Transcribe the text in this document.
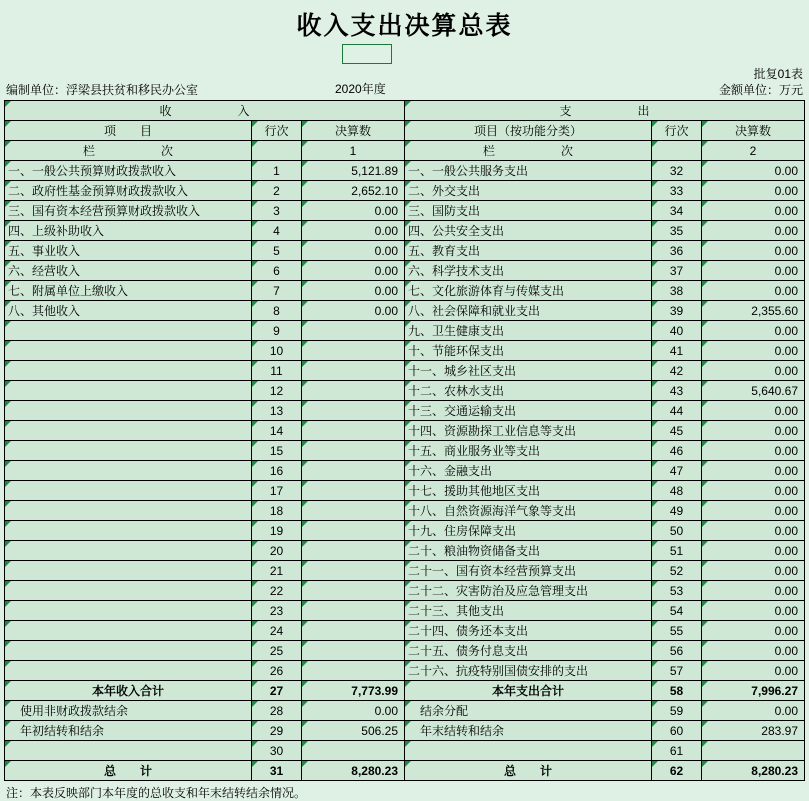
收入支出决算总表
编制单位：浮梁县扶贫和移民办公室
批复01表
金额单位：万元
收　　入			支　　出		
项　　目	行次	决算数	项目（按功能分类）	行次	决算数
栏　　次		1	栏　　次		2
一、一般公共预算财政拨款收入	1	5,121.89	一、一般公共服务支出	32	0.00
二、政府性基金预算财政拨款收入	2	2,652.10	二、外交支出	33	0.00
三、国有资本经营预算财政拨款收入	3	0.00	三、国防支出	34	0.00
四、上级补助收入	4	0.00	四、公共安全支出	35	0.00
五、事业收入	5	0.00	五、教育支出	36	0.00
六、经营收入	6	0.00	六、科学技术支出	37	0.00
七、附属单位上缴收入	7	0.00	七、文化旅游体育与传媒支出	38	0.00
八、其他收入	8	0.00	八、社会保障和就业支出	39	2,355.60
	9		九、卫生健康支出	40	0.00
	10		十、节能环保支出	41	0.00
	11		十一、城乡社区支出	42	0.00
	12		十二、农林水支出	43	5,640.67
	13		十三、交通运输支出	44	0.00
	14		十四、资源勘探工业信息等支出	45	0.00
	15		十五、商业服务业等支出	46	0.00
	16		十六、金融支出	47	0.00
	17		十七、援助其他地区支出	48	0.00
	18		十八、自然资源海洋气象等支出	49	0.00
	19		十九、住房保障支出	50	0.00
	20		二十、粮油物资储备支出	51	0.00
	21		二十一、国有资本经营预算支出	52	0.00
	22		二十二、灾害防治及应急管理支出	53	0.00
	23		二十三、其他支出	54	0.00
	24		二十四、债务还本支出	55	0.00
	25		二十五、债务付息支出	56	0.00
	26		二十六、抗疫特别国债安排的支出	57	0.00
本年收入合计	27	7,773.99	本年支出合计	58	7,996.27
　使用非财政拨款结余	28	0.00	　结余分配	59	0.00
　年初结转和结余	29	506.25	　年末结转和结余	60	283.97
	30			61	
总　　计	31	8,280.23	总　　计	62	8,280.23
注：本表反映部门本年度的总收支和年末结转结余情况。
2020年度
